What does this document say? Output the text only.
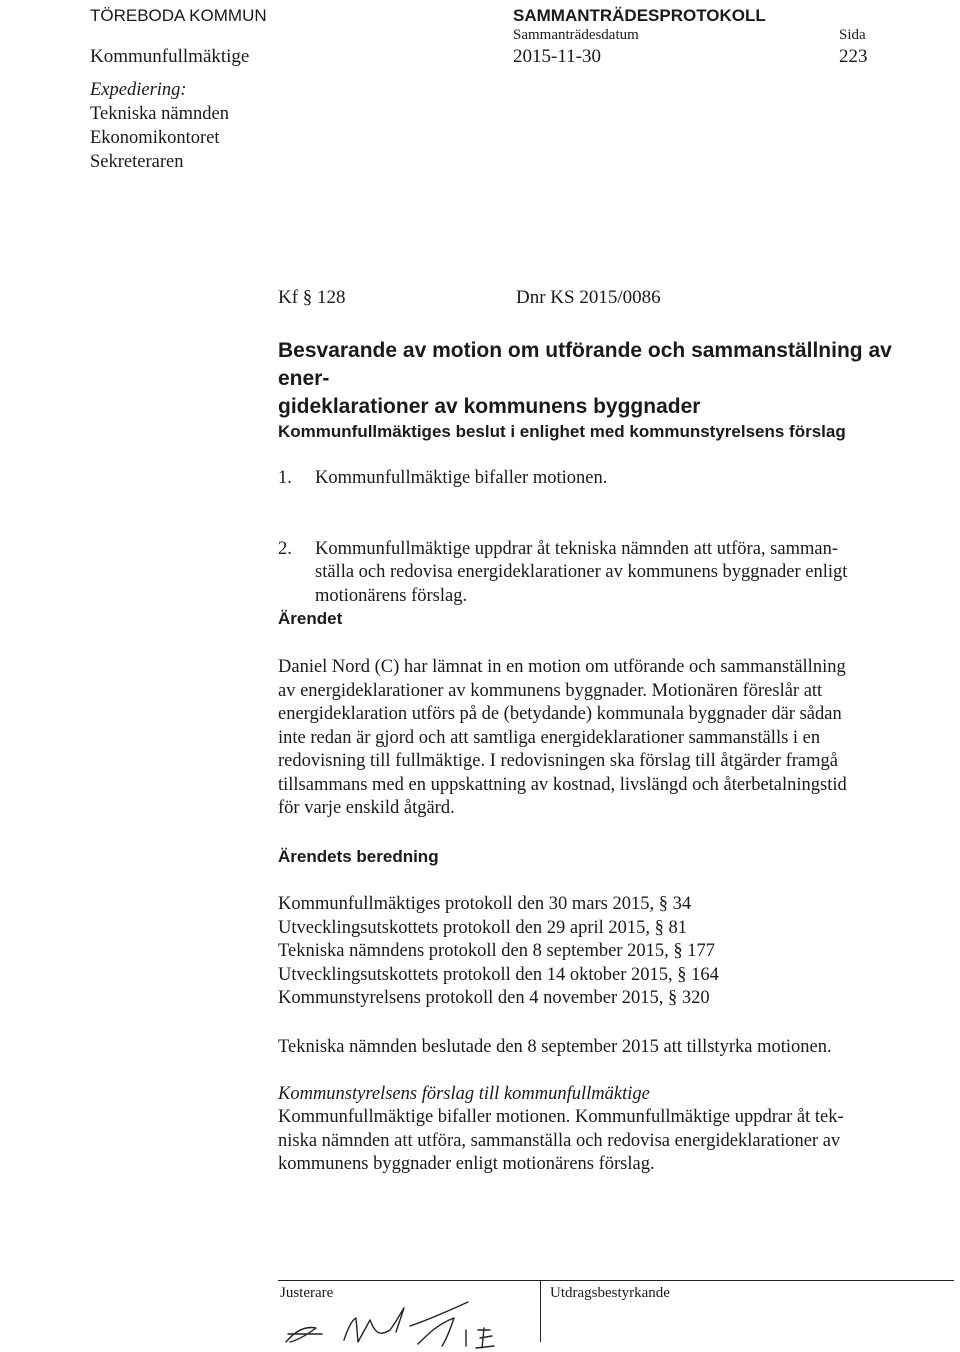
TÖREBODA KOMMUN
Kommunfullmäktige
SAMMANTRÄDESPROTOKOLL
Sammanträdesdatum
2015-11-30
Sida
223
Expediering:
Tekniska nämnden
Ekonomikontoret
Sekreteraren
Kf § 128	Dnr KS 2015/0086
Besvarande av motion om utförande och sammanställning av ener-
gideklarationer av kommunens byggnader
Kommunfullmäktiges beslut i enlighet med kommunstyrelsens förslag
1. Kommunfullmäktige bifaller motionen.
2. Kommunfullmäktige uppdrar åt tekniska nämnden att utföra, samman-
ställa och redovisa energideklarationer av kommunens byggnader enligt
motionärens förslag.
Ärendet
Daniel Nord (C) har lämnat in en motion om utförande och sammanställning
av energideklarationer av kommunens byggnader. Motionären föreslår att
energideklaration utförs på de (betydande) kommunala byggnader där sådan
inte redan är gjord och att samtliga energideklarationer sammanställs i en
redovisning till fullmäktige. I redovisningen ska förslag till åtgärder framgå
tillsammans med en uppskattning av kostnad, livslängd och återbetalningstid
för varje enskild åtgärd.
Ärendets beredning
Kommunfullmäktiges protokoll den 30 mars 2015, § 34
Utvecklingsutskottets protokoll den 29 april 2015, § 81
Tekniska nämndens protokoll den 8 september 2015, § 177
Utvecklingsutskottets protokoll den 14 oktober 2015, § 164
Kommunstyrelsens protokoll den 4 november 2015, § 320
Tekniska nämnden beslutade den 8 september 2015 att tillstyrka motionen.
Kommunstyrelsens förslag till kommunfullmäktige
Kommunfullmäktige bifaller motionen. Kommunfullmäktige uppdrar åt tek-
niska nämnden att utföra, sammanställa och redovisa energideklarationer av
kommunens byggnader enligt motionärens förslag.
Justerare	Utdragsbestyrkande
